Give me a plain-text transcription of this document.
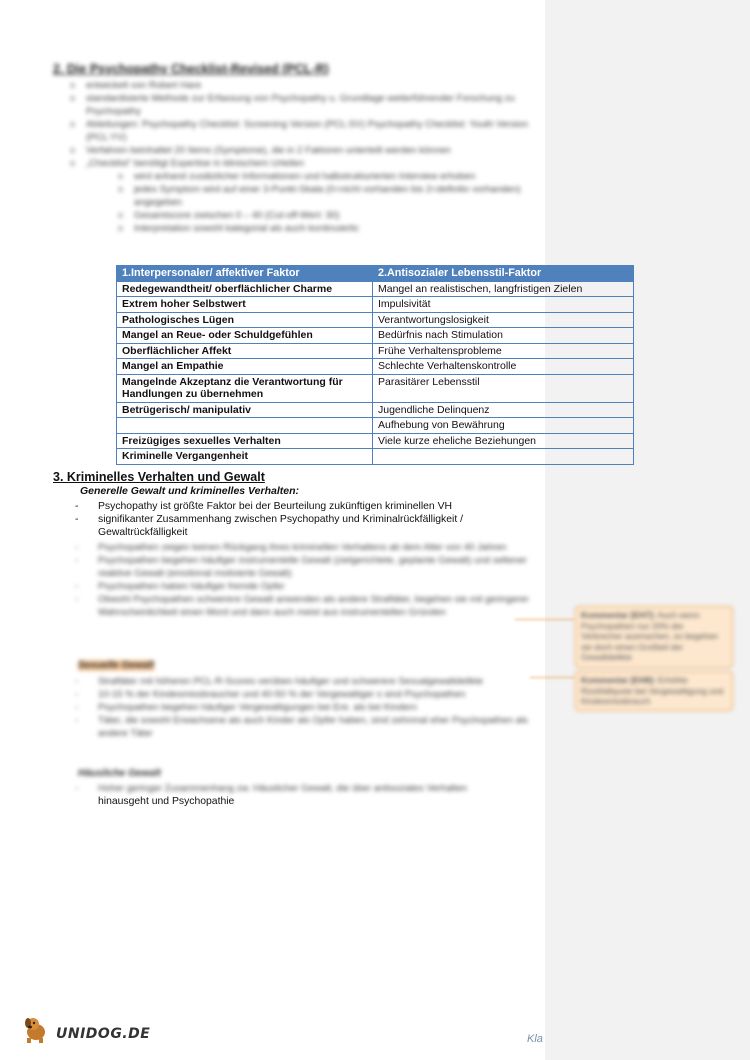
2. Die Psychopathy Checklist-Revised (PCL-R)
o entwickelt von Robert Hare
o standardisierte Methode zur Erfassung von Psychopathy u. Grundlage weiterführender Forschung zu Psychopathy
o Abteilungen: Psychopathy Checklist: Screening Version (PCL:SV) Psychopathy Checklist: Youth Version (PCL:YV)
o Verfahren beinhaltet 20 Items (Symptome), die in 2 Faktoren unterteilt werden können
o „Checklist“ benötigt Expertise in klinischem Urteilen
o wird anhand zusätzlicher Informationen und halbstrukturierten Interview erhoben
o jedes Symptom wird auf einer 3-Punkt-Skala (0=nicht vorhanden bis 2=definitiv vorhanden) angegeben
o Gesamtscore zwischen 0 – 40 (Cut-off-Wert: 30)
o Interpretation sowohl kategorial als auch kontinuierlic
1.Interpersonaler/ affektiver Faktor	2.Antisozialer Lebensstil-Faktor
Redegewandtheit/ oberflächlicher Charme	Mangel an realistischen, langfristigen Zielen
Extrem hoher Selbstwert	Impulsivität
Pathologisches Lügen	Verantwortungslosigkeit
Mangel an Reue- oder Schuldgefühlen	Bedürfnis nach Stimulation
Oberflächlicher Affekt	Frühe Verhaltensprobleme
Mangel an Empathie	Schlechte Verhaltenskontrolle
Mangelnde Akzeptanz die Verantwortung für Handlungen zu übernehmen	Parasitärer Lebensstil
Betrügerisch/ manipulativ	Jugendliche Delinquenz
	Aufhebung von Bewährung
Freizügiges sexuelles Verhalten	Viele kurze eheliche Beziehungen
Kriminelle Vergangenheit	
3. Kriminelles Verhalten und Gewalt
Generelle Gewalt und kriminelles Verhalten:
- Psychopathy ist größte Faktor bei der Beurteilung zukünftigen kriminellen VH
- signifikanter Zusammenhang zwischen Psychopathy und Kriminalrückfälligkeit / Gewaltrückfälligkeit
- Psychopathen zeigen keinen Rückgang ihres kriminellen Verhaltens ab dem Alter von 40 Jahren
- Psychopathen begehen häufiger instrumentelle Gewalt (zielgerichtete, geplante Gewalt) und seltener reaktive Gewalt (emotional motivierte Gewalt)
- Psychopathen haben häufiger fremde Opfer
- Obwohl Psychopathen schwerere Gewalt anwenden als andere Straftäter, begehen sie mit geringerer Wahrscheinlichkeit einen Mord und dann auch meist aus instrumentellen Gründen
Sexuelle Gewalt
- Straftäter mit höheren PCL-R-Scores verüben häufiger und schwerere Sexualgewaltdelikte
- 10-15 % der Kindesmissbraucher und 40-50 % der Vergewaltiger s sind Psychopathen
- Psychopathen begehen häufiger Vergewaltigungen bei Ere. als bei Kindern
- Täter, die sowohl Erwachsene als auch Kinder als Opfer haben, sind zehnmal eher Psychopathen als andere Täter
Häusliche Gewalt
- Hoher geringer Zusammenhang zw. Häuslicher Gewalt, die über antisoziales Verhalten
hinausgeht und Psychopathie
Kommentar [EH7]: Auch wenn Psychopathen nur 20% der Verbrecher ausmachen, so begehen sie doch einen Großteil der Gewaltdelikte
Kommentar [EH8]: Erhöhte Rückfallquote bei Vergewaltigung und Kindesmissbrauch
UNIDOG.DE	Kla
